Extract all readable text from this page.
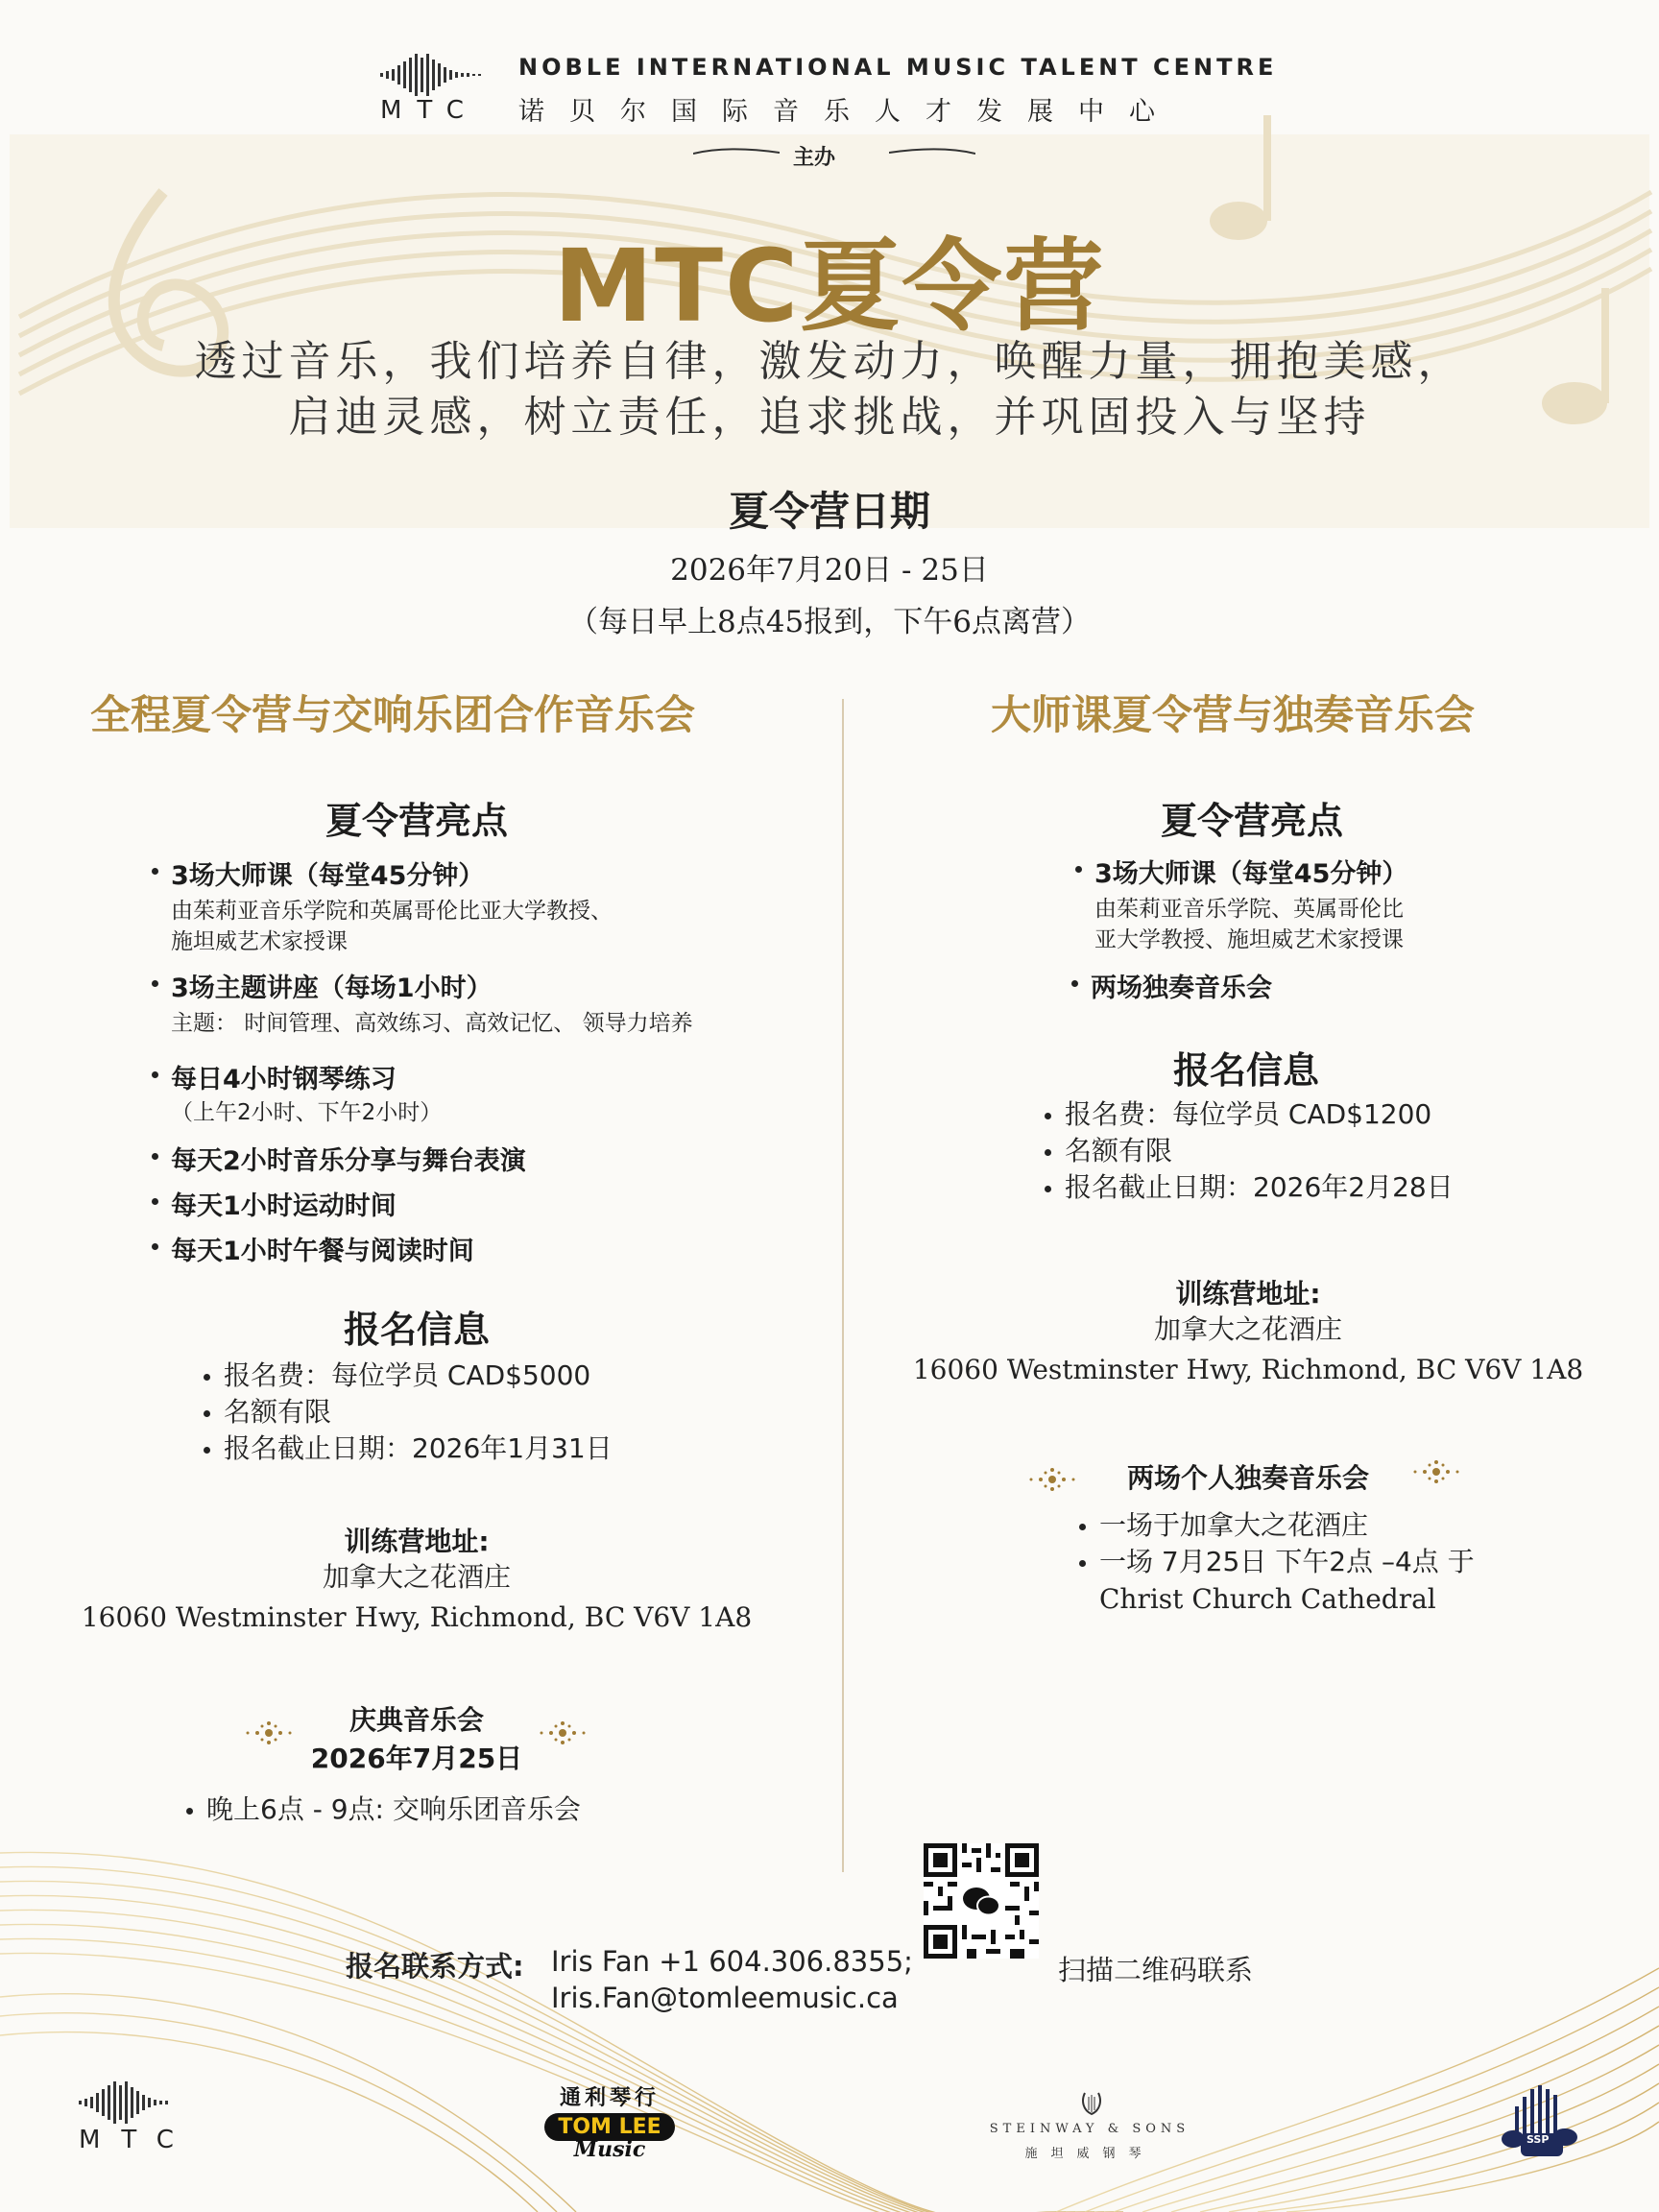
MTC
NOBLE INTERNATIONAL MUSIC TALENT CENTRE
诺贝尔国际音乐人才发展中心
主办
MTC夏令营
透过音乐，我们培养自律，激发动力，唤醒力量，拥抱美感，
启迪灵感，树立责任，追求挑战，并巩固投入与坚持
夏令营日期
2026年7月20日 - 25日
（每日早上8点45报到，下午6点离营）
全程夏令营与交响乐团合作音乐会
夏令营亮点
3场大师课（每堂45分钟）
由茱莉亚音乐学院和英属哥伦比亚大学教授、
施坦威艺术家授课
3场主题讲座（每场1小时）
主题： 时间管理、高效练习、高效记忆、 领导力培养
每日4小时钢琴练习
（上午2小时、下午2小时）
每天2小时音乐分享与舞台表演
每天1小时运动时间
每天1小时午餐与阅读时间
报名信息
报名费：每位学员 CAD$5000
名额有限
报名截止日期：2026年1月31日
训练营地址:
加拿大之花酒庄
16060 Westminster Hwy, Richmond, BC V6V 1A8
庆典音乐会
2026年7月25日
晚上6点 - 9点: 交响乐团音乐会
大师课夏令营与独奏音乐会
夏令营亮点
3场大师课（每堂45分钟）
由茱莉亚音乐学院、英属哥伦比
亚大学教授、施坦威艺术家授课
两场独奏音乐会
报名信息
报名费：每位学员 CAD$1200
名额有限
报名截止日期：2026年2月28日
训练营地址:
加拿大之花酒庄
16060 Westminster Hwy, Richmond, BC V6V 1A8
两场个人独奏音乐会
一场于加拿大之花酒庄
一场 7月25日 下午2点 –4点 于
Christ Church Cathedral
报名联系方式: Iris Fan +1 604.306.8355;
Iris.Fan@tomleemusic.ca
扫描二维码联系
MTC
通利琴行
TOM LEE
Music
STEINWAY & SONS
施坦威钢琴
SSP
